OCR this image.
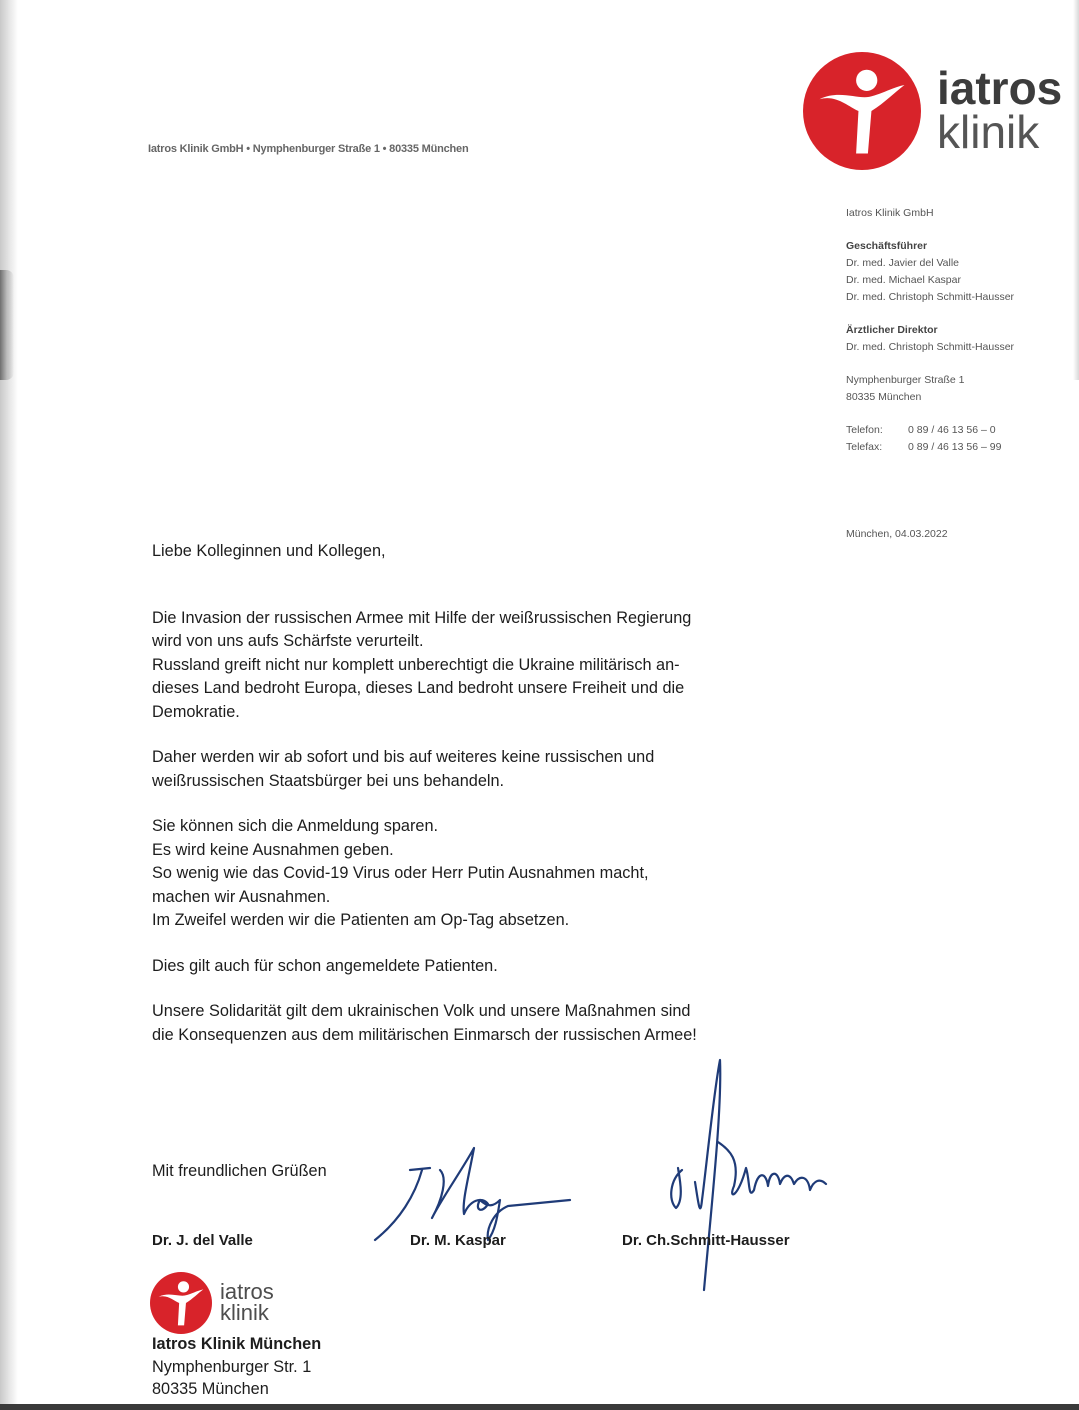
iatros
klinik
Iatros Klinik GmbH • Nymphenburger Straße 1 • 80335 München
Iatros Klinik GmbH
Geschäftsführer
Dr. med. Javier del Valle
Dr. med. Michael Kaspar
Dr. med. Christoph Schmitt-Hausser
Ärztlicher Direktor
Dr. med. Christoph Schmitt-Hausser
Nymphenburger Straße 1
80335 München
Telefon:	0 89 / 46 13 56 – 0
Telefax:	0 89 / 46 13 56 – 99
München, 04.03.2022

Liebe Kolleginnen und Kollegen,

Die Invasion der russischen Armee mit Hilfe der weißrussischen Regierung

wird von uns aufs Schärfste verurteilt.

Russland greift nicht nur komplett unberechtigt die Ukraine militärisch an-

dieses Land bedroht Europa, dieses Land bedroht unsere Freiheit und die

Demokratie.

Daher werden wir ab sofort und bis auf weiteres keine russischen und

weißrussischen Staatsbürger bei uns behandeln.

Sie können sich die Anmeldung sparen.

Es wird keine Ausnahmen geben.

So wenig wie das Covid-19 Virus oder Herr Putin Ausnahmen macht,

machen wir Ausnahmen.

Im Zweifel werden wir die Patienten am Op-Tag absetzen.

Dies gilt auch für schon angemeldete Patienten.

Unsere Solidarität gilt dem ukrainischen Volk und unsere Maßnahmen sind

die Konsequenzen aus dem militärischen Einmarsch der russischen Armee!

Mit freundlichen Grüßen
Dr. J. del Valle	Dr. M. Kaspar	Dr. Ch.Schmitt-Hausser
iatros
klinik
Iatros Klinik München
Nymphenburger Str. 1
80335 München
